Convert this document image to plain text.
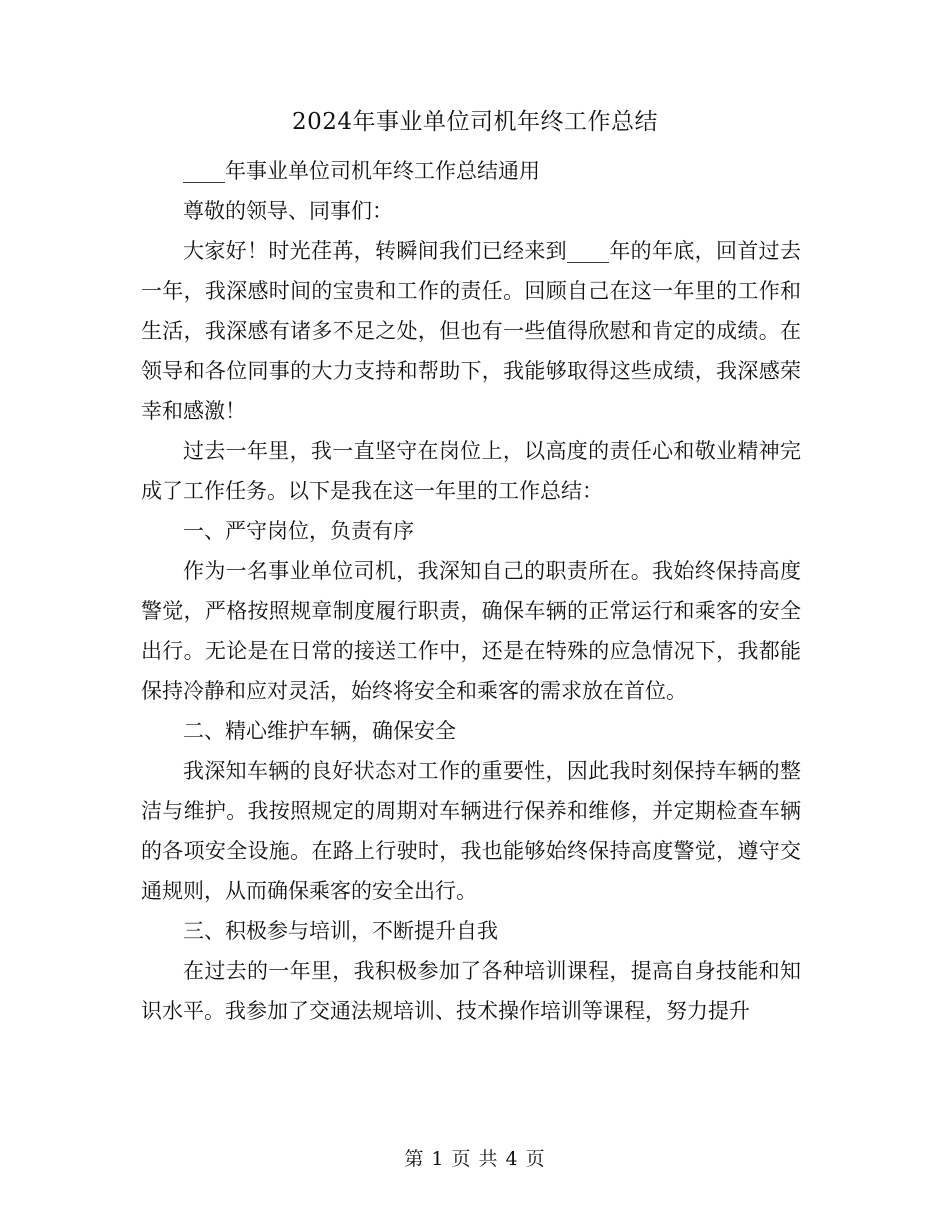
2024年事业单位司机年终工作总结

____年事业单位司机年终工作总结通用

尊敬的领导、同事们：

大家好！时光荏苒，转瞬间我们已经来到____年的年底，回首过去一年，我深感时间的宝贵和工作的责任。回顾自己在这一年里的工作和生活，我深感有诸多不足之处，但也有一些值得欣慰和肯定的成绩。在领导和各位同事的大力支持和帮助下，我能够取得这些成绩，我深感荣幸和感激！

过去一年里，我一直坚守在岗位上，以高度的责任心和敬业精神完成了工作任务。以下是我在这一年里的工作总结：

一、严守岗位，负责有序

作为一名事业单位司机，我深知自己的职责所在。我始终保持高度警觉，严格按照规章制度履行职责，确保车辆的正常运行和乘客的安全出行。无论是在日常的接送工作中，还是在特殊的应急情况下，我都能保持冷静和应对灵活，始终将安全和乘客的需求放在首位。

二、精心维护车辆，确保安全

我深知车辆的良好状态对工作的重要性，因此我时刻保持车辆的整洁与维护。我按照规定的周期对车辆进行保养和维修，并定期检查车辆的各项安全设施。在路上行驶时，我也能够始终保持高度警觉，遵守交通规则，从而确保乘客的安全出行。

三、积极参与培训，不断提升自我

在过去的一年里，我积极参加了各种培训课程，提高自身技能和知识水平。我参加了交通法规培训、技术操作培训等课程，努力提升

第 1 页 共 4 页
